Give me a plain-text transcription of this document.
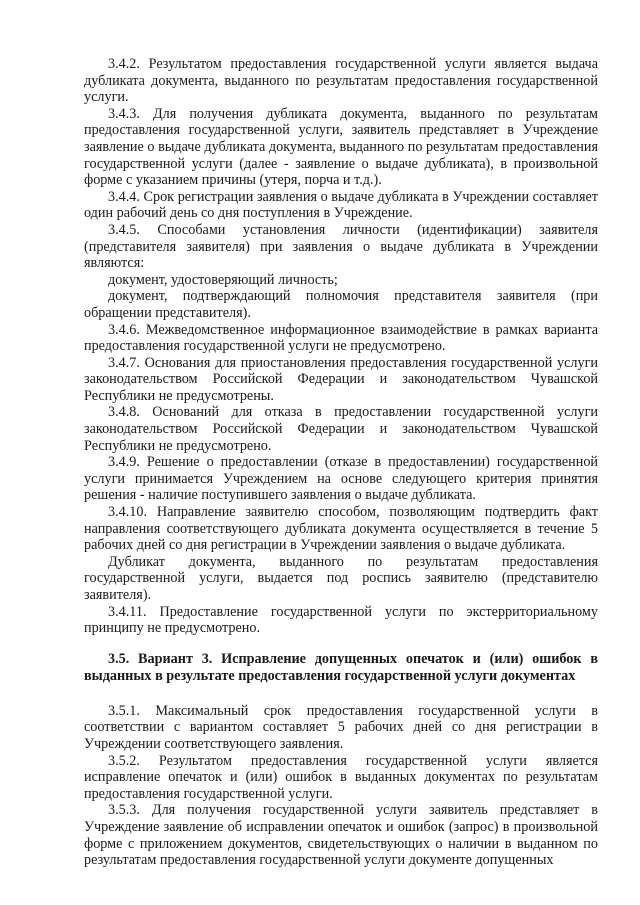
3.4.2. Результатом предоставления государственной услуги является выдача дубликата документа, выданного по результатам предоставления государственной услуги.

3.4.3. Для получения дубликата документа, выданного по результатам предоставления государственной услуги, заявитель представляет в Учреждение заявление о выдаче дубликата документа, выданного по результатам предоставления государственной услуги (далее - заявление о выдаче дубликата), в произвольной форме с указанием причины (утеря, порча и т.д.).

3.4.4. Срок регистрации заявления о выдаче дубликата в Учреждении составляет один рабочий день со дня поступления в Учреждение.

3.4.5. Способами установления личности (идентификации) заявителя (представителя заявителя) при заявления о выдаче дубликата в Учреждении являются:

документ, удостоверяющий личность;

документ, подтверждающий полномочия представителя заявителя (при обращении представителя).

3.4.6. Межведомственное информационное взаимодействие в рамках варианта предоставления государственной услуги не предусмотрено.

3.4.7. Основания для приостановления предоставления государственной услуги законодательством Российской Федерации и законодательством Чувашской Республики не предусмотрены.

3.4.8. Оснований для отказа в предоставлении государственной услуги законодательством Российской Федерации и законодательством Чувашской Республики не предусмотрено.

3.4.9. Решение о предоставлении (отказе в предоставлении) государственной услуги принимается Учреждением на основе следующего критерия принятия решения - наличие поступившего заявления о выдаче дубликата.

3.4.10. Направление заявителю способом, позволяющим подтвердить факт направления соответствующего дубликата документа осуществляется в течение 5 рабочих дней со дня регистрации в Учреждении заявления о выдаче дубликата.

Дубликат документа, выданного по результатам предоставления государственной услуги, выдается под роспись заявителю (представителю заявителя).

3.4.11. Предоставление государственной услуги по экстерриториальному принципу не предусмотрено.

3.5. Вариант 3. Исправление допущенных опечаток и (или) ошибок в выданных в результате предоставления государственной услуги документах

3.5.1. Максимальный срок предоставления государственной услуги в соответствии с вариантом составляет 5 рабочих дней со дня регистрации в Учреждении соответствующего заявления.

3.5.2. Результатом предоставления государственной услуги является исправление опечаток и (или) ошибок в выданных документах по результатам предоставления государственной услуги.

3.5.3. Для получения государственной услуги заявитель представляет в Учреждение заявление об исправлении опечаток и ошибок (запрос) в произвольной форме с приложением документов, свидетельствующих о наличии в выданном по результатам предоставления государственной услуги документе допущенных
